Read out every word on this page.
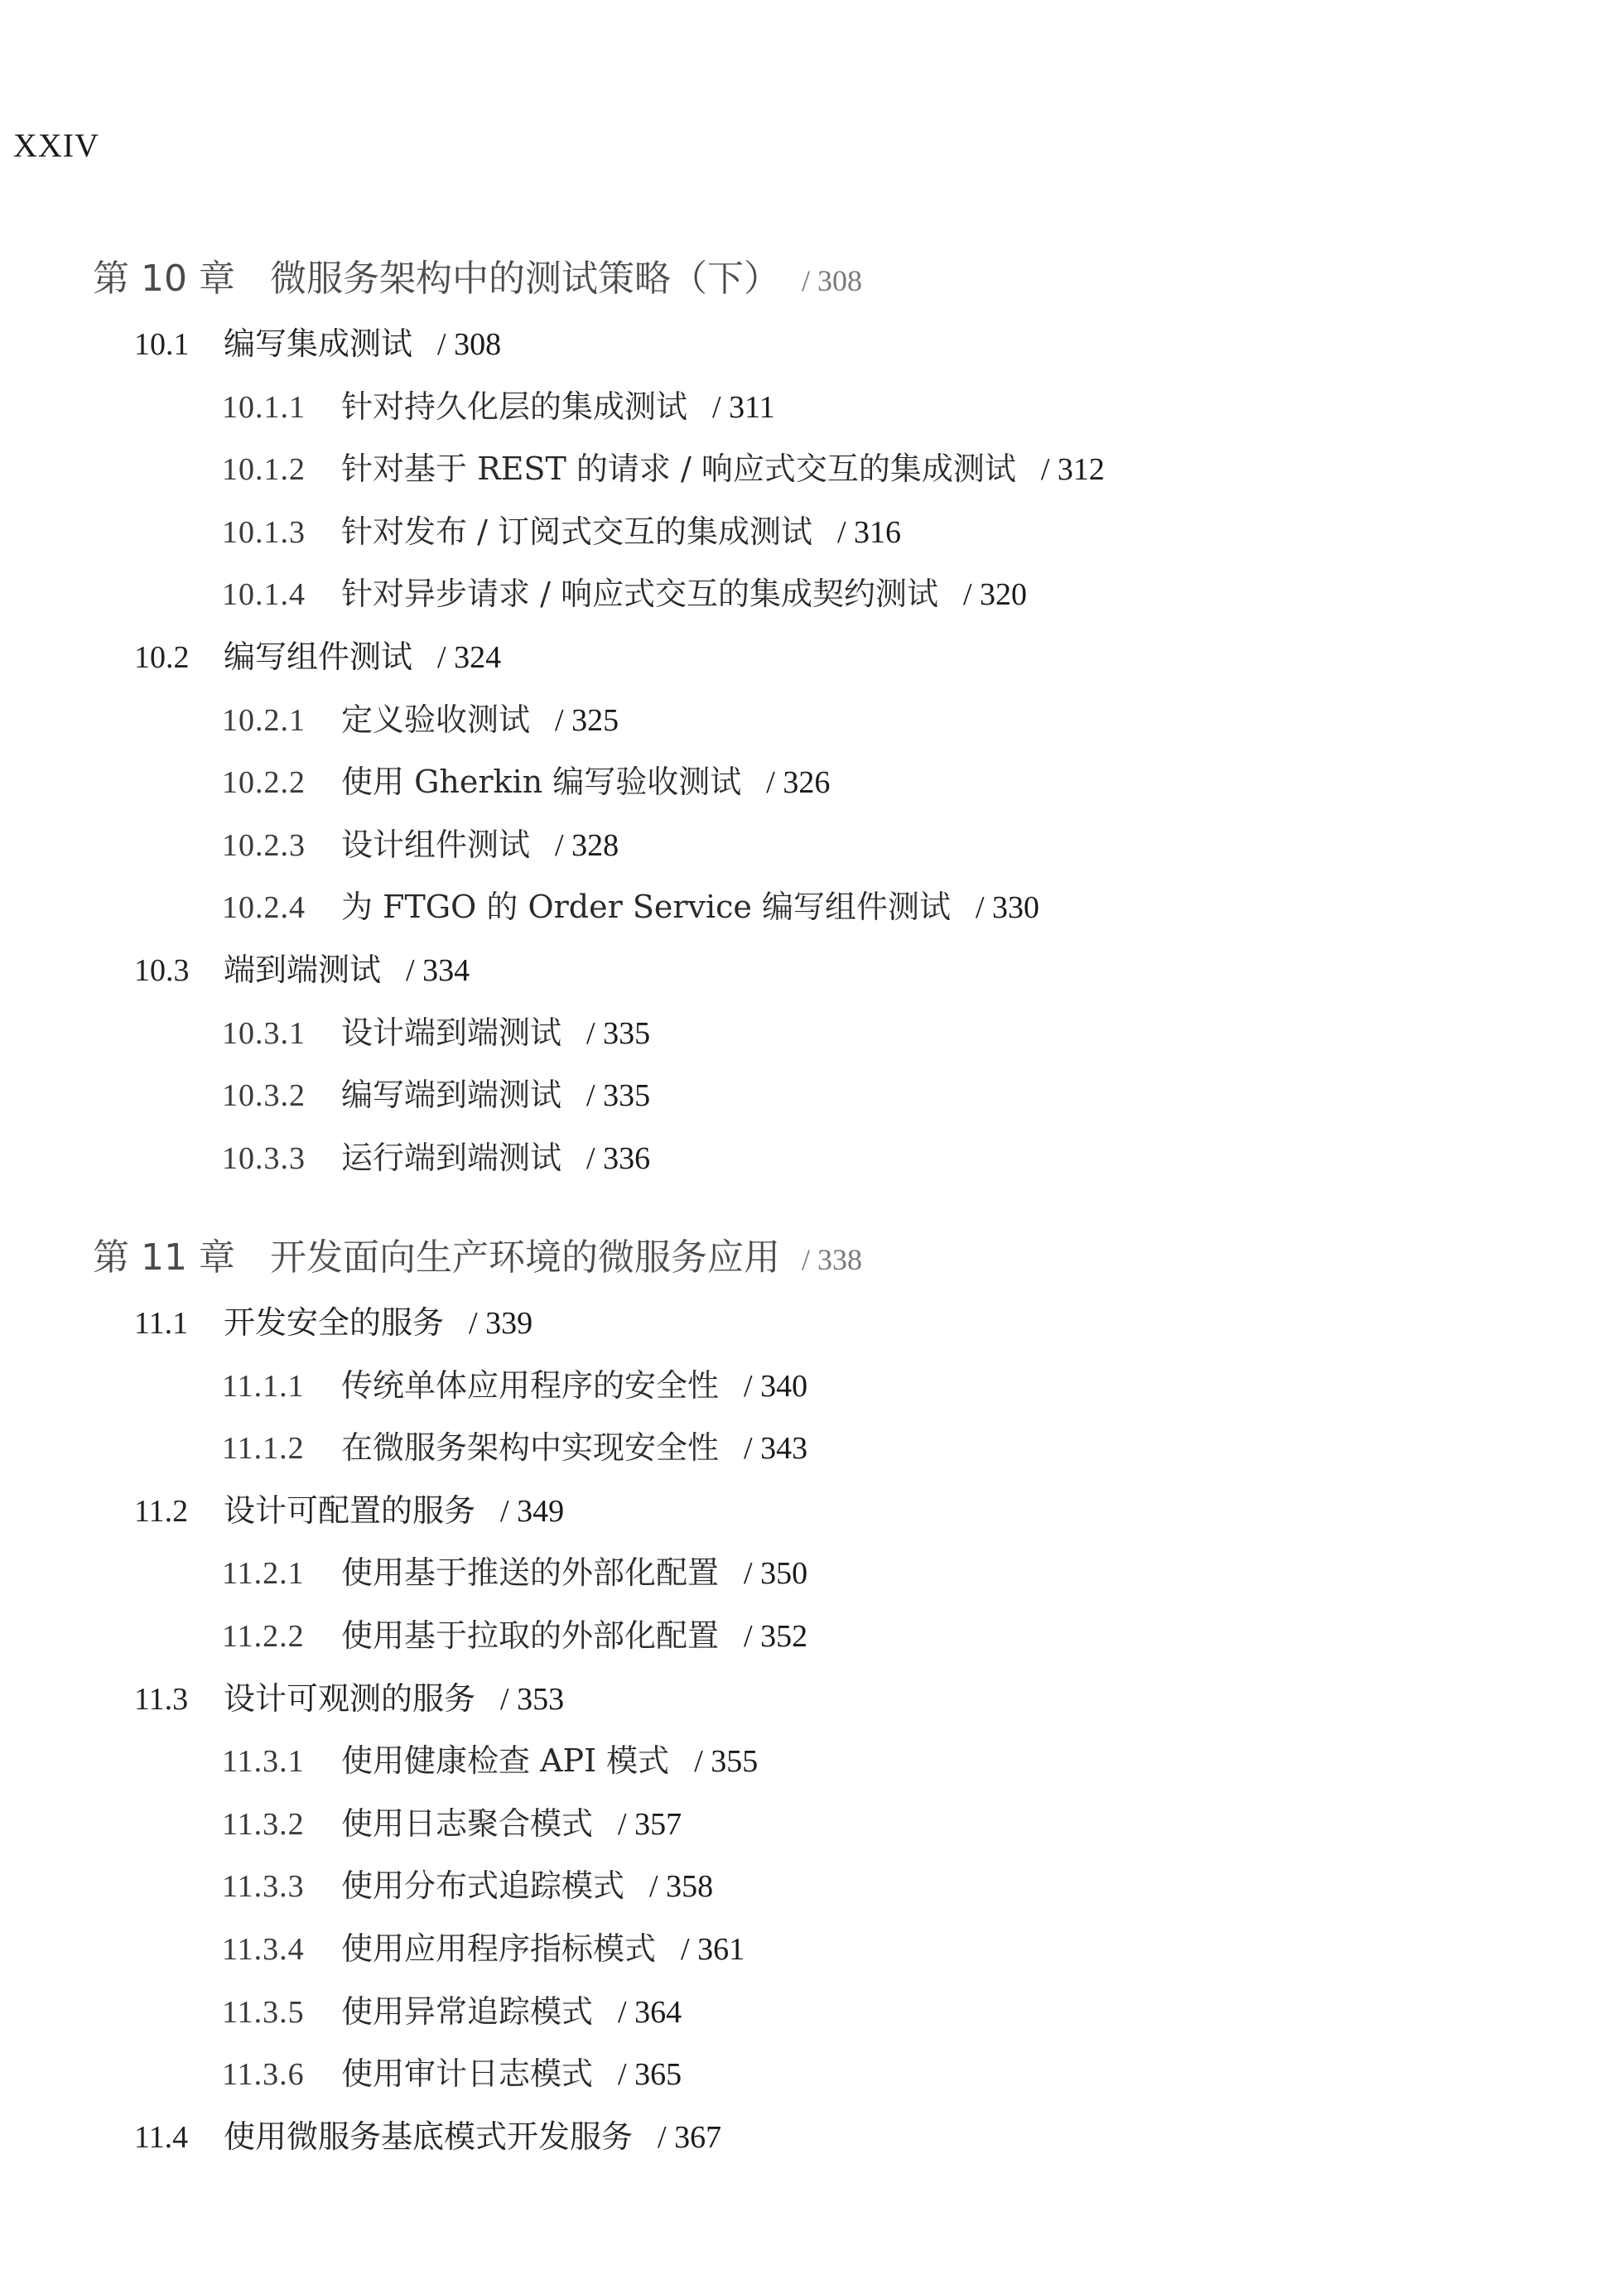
XXIV
第 10 章 微服务架构中的测试策略（下） / 308
10.1 编写集成测试 / 308
10.1.1 针对持久化层的集成测试 / 311
10.1.2 针对基于 REST 的请求 / 响应式交互的集成测试 / 312
10.1.3 针对发布 / 订阅式交互的集成测试 / 316
10.1.4 针对异步请求 / 响应式交互的集成契约测试 / 320
10.2 编写组件测试 / 324
10.2.1 定义验收测试 / 325
10.2.2 使用 Gherkin 编写验收测试 / 326
10.2.3 设计组件测试 / 328
10.2.4 为 FTGO 的 Order Service 编写组件测试 / 330
10.3 端到端测试 / 334
10.3.1 设计端到端测试 / 335
10.3.2 编写端到端测试 / 335
10.3.3 运行端到端测试 / 336
第 11 章 开发面向生产环境的微服务应用 / 338
11.1 开发安全的服务 / 339
11.1.1 传统单体应用程序的安全性 / 340
11.1.2 在微服务架构中实现安全性 / 343
11.2 设计可配置的服务 / 349
11.2.1 使用基于推送的外部化配置 / 350
11.2.2 使用基于拉取的外部化配置 / 352
11.3 设计可观测的服务 / 353
11.3.1 使用健康检查 API 模式 / 355
11.3.2 使用日志聚合模式 / 357
11.3.3 使用分布式追踪模式 / 358
11.3.4 使用应用程序指标模式 / 361
11.3.5 使用异常追踪模式 / 364
11.3.6 使用审计日志模式 / 365
11.4 使用微服务基底模式开发服务 / 367
